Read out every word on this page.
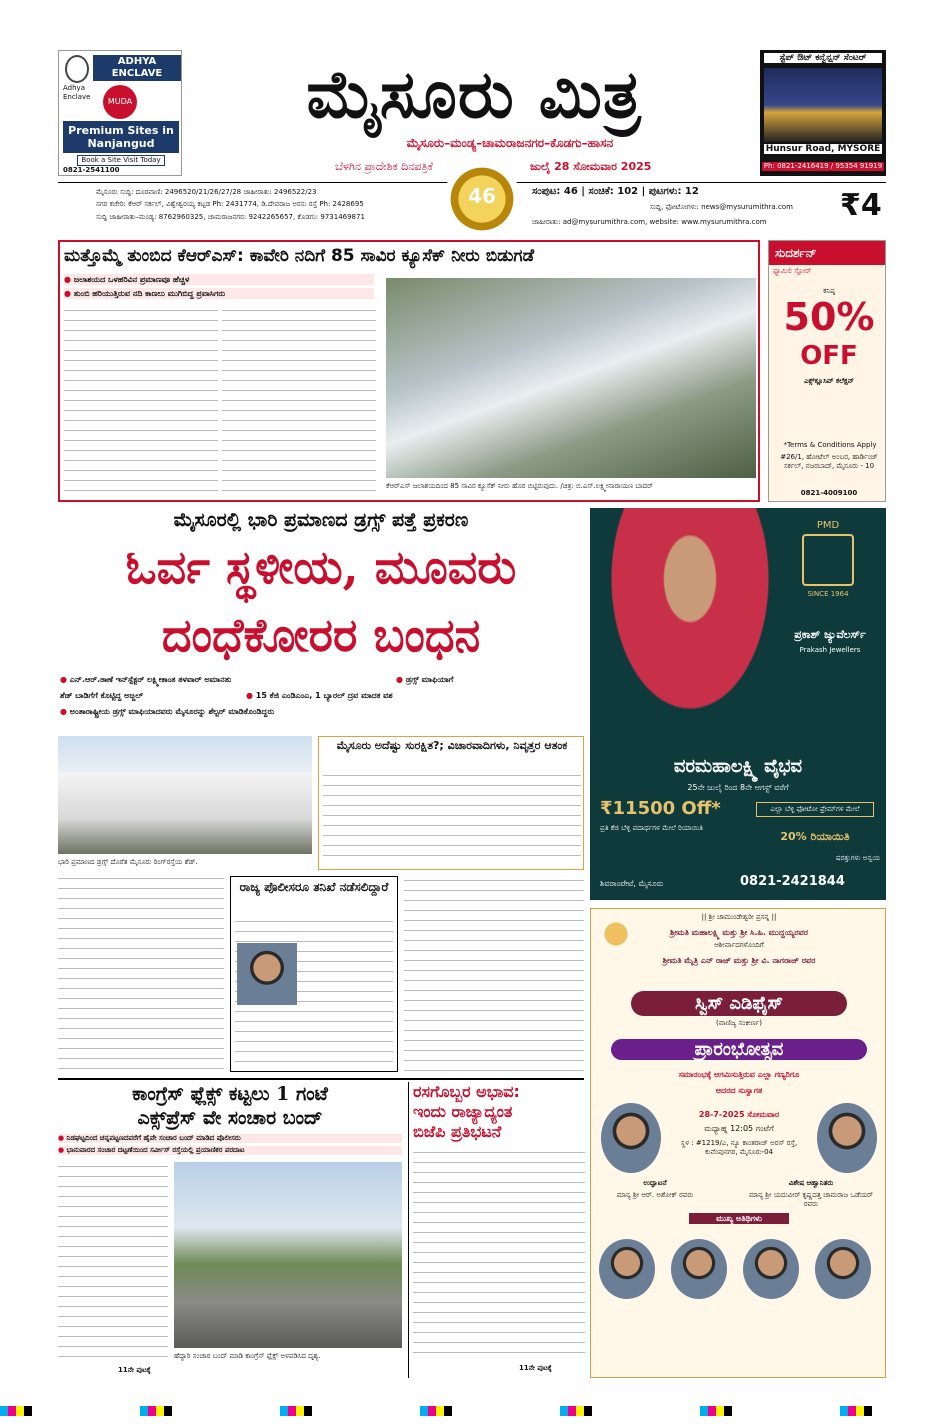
ADHYA ENCLAVE
Adhya Enclave	MUDA
Premium Sites in Nanjangud
Book a Site Visit Today
0821-2541100
ಮೈಸೂರು ಮಿತ್ರ
ಮೈಸೂರು–ಮಂಡ್ಯ–ಚಾಮರಾಜನಗರ–ಕೊಡಗು–ಹಾಸನ
ಬೆಳಗಿನ ಪ್ರಾದೇಶಿಕ ದಿನಪತ್ರಿಕೆ	ಜುಲೈ 28 ಸೋಮವಾರ 2025
ಸ್ಟೆಪ್ ಔಟ್ ಕನ್ವೆನ್ಷನ್ ಸೆಂಟರ್
Hunsur Road, MYSORE
Ph: 0821-2416419 / 95354 91919
ಮೈಸೂರು ಸುದ್ದಿ: ದೂರವಾಣಿ: 2496520/21/26/27/28 ಜಾಹೀರಾತು: 2496522/23
ನಗರ ಕಚೇರಿ: ಕೆಆರ್ ಸರ್ಕಲ್, ವಿಶ್ವೇಶ್ವರಯ್ಯ ಕಟ್ಟಡ Ph: 2431774, ಡಿ.ದೇವರಾಜ ಅರಸು ರಸ್ತೆ Ph: 2428695
ಸುದ್ದಿ ಜಾಹೀರಾತು–ಮಂಡ್ಯ: 8762960325, ಚಾಮರಾಜನಗರ: 9242265657, ಕೊಡಗು: 9731469871
46	ಸಂಪುಟ: 46 | ಸಂಚಿಕೆ: 102 | ಪುಟಗಳು: 12
ಸುದ್ದಿ, ಫೋಟೋಗಳು: news@mysurumithra.com
ಜಾಹೀರಾತು: ad@mysurumithra.com, website: www.mysurumithra.com	₹4
ಮತ್ತೊಮ್ಮೆ ತುಂಬಿದ ಕೆಆರ್‌ಎಸ್: ಕಾವೇರಿ ನದಿಗೆ 85 ಸಾವಿರ ಕ್ಯೂಸೆಕ್ ನೀರು ಬಿಡುಗಡೆ
● ಜಲಾಶಯದ ಒಳಹರಿವಿನ ಪ್ರಮಾಣವೂ ಹೆಚ್ಚಳ
● ತುಂಬಿ ಹರಿಯುತ್ತಿರುವ ನದಿ ಕಾಣಲು ಮುಗಿಬಿದ್ದ ಪ್ರವಾಸಿಗರು
ಕೆಆರ್‌ಎಸ್ ಜಲಾಶಯದಿಂದ 85 ಸಾವಿರ ಕ್ಯೂಸೆಕ್ ನೀರು ಹೊರ ಬಿಟ್ಟಿರುವುದು. /ಚಿತ್ರ: ಬಿ.ಎಸ್.ಲಕ್ಷ್ಮೀನಾರಾಯಣ ಬಾದರ್
ಸುದರ್ಶನ್
ಫ್ಯಾಮಿಲಿ ಸ್ಟೋರ್
ಕನಿಷ್ಠ
50%
OFF
ಎಕ್ಸ್‌ಕ್ಲೂಸಿವ್ ಕಲೆಕ್ಷನ್
*Terms & Conditions Apply
#26/1, ಹೋಟೆಲ್ ಅಂಬರ, ಹಾರ್ಡಿಂಜ್ ಸರ್ಕಲ್, ನಜರಬಾದ್, ಮೈಸೂರು - 10
0821-4009100
ಮೈಸೂರಲ್ಲಿ ಭಾರಿ ಪ್ರಮಾಣದ ಡ್ರಗ್ಸ್ ಪತ್ತೆ ಪ್ರಕರಣ
ಓರ್ವ ಸ್ಥಳೀಯ, ಮೂವರು
ದಂಧೆಕೋರರ ಬಂಧನ
● ಎನ್.ಆರ್.ಠಾಣೆ ಇನ್‌ಸ್ಪೆಕ್ಟರ್ ಲಕ್ಷ್ಮೀಕಾಂತ ತಳವಾರ್ ಅಮಾನತು	● ಡ್ರಗ್ಸ್ ಮಾಫಿಯಾಗೆ
ಶೆಡ್ ಬಾಡಿಗೆಗೆ ಕೊಟ್ಟಿದ್ದ ಅಜ್ಜಲ್	● 15 ಕೆಜಿ ಎಂಡಿಎಂಎ, 1 ಬ್ಯಾರಲ್ ದ್ರವ ಮಾದಕ ವಶ
● ಅಂತಾರಾಷ್ಟ್ರೀಯ ಡ್ರಗ್ಸ್ ಮಾಫಿಯಾದವರು ಮೈಸೂರನ್ನು ಶೆಲ್ಟರ್ ಮಾಡಿಕೊಂಡಿದ್ದರು
ಭಾರಿ ಪ್ರಮಾಣದ ಡ್ರಗ್ಸ್ ದೊರೆತ ಮೈಸೂರು ರಿಂಗ್‌ರಸ್ತೆಯ ಶೆಡ್.
ಮೈಸೂರು ಅದೆಷ್ಟು ಸುರಕ್ಷಿತ?; ವಿಚಾರವಾದಿಗಳು, ನಿವೃತ್ತರ ಆತಂಕ
ರಾಜ್ಯ ಪೊಲೀಸರೂ ತನಿಖೆ ನಡೆಸಲಿದ್ದಾರೆ
PMD
SINCE 1964
ಪ್ರಕಾಶ್ ಜ್ಯುವೆಲರ್ಸ್
Prakash Jewellers
ವರಮಹಾಲಕ್ಷ್ಮಿ ವೈಭವ
25ನೇ ಜುಲೈ ರಿಂದ 8ನೇ ಆಗಸ್ಟ್ ವರೆಗೆ
₹11500 Off*
ಪ್ರತಿ ಕೆಜಿ ಬೆಳ್ಳಿ ಪದಾರ್ಥಗಳ ಮೇಲೆ ರಿಯಾಯಿತಿ
ಎಲ್ಲಾ ಬೆಳ್ಳಿ ಫೋಟೋ ಫ್ರೇಮ್‌ಗಳ ಮೇಲೆ
20% ರಿಯಾಯಿತಿ
ಷರತ್ತುಗಳು ಅನ್ವಯ
ಶಿವರಾಂಪೇಟೆ, ಮೈಸೂರು	0821-2421844
|| ಶ್ರೀ ಚಾಮುಂಡೇಶ್ವರೀ ಪ್ರಸನ್ನ ||
ಶ್ರೀಮತಿ ಮಹಾಲಕ್ಷ್ಮಿ ಮತ್ತು ಶ್ರೀ ಸಿ.ಹಿ. ಮುದ್ದಯ್ಯರವರ
ಆಶೀರ್ವಾದಗಳೊಂದಿಗೆ
ಶ್ರೀಮತಿ ಮೈತ್ರಿ ಎನ್ ರಾಜ್ ಮತ್ತು ಶ್ರೀ ವಿ. ನಾಗರಾಜ್ ರವರ
ಸ್ವಿಸ್ ಎಡಿಫೈಸ್
(ವಾಣಿಜ್ಯ ಸಂಕೀರ್ಣ)
ಪ್ರಾರಂಭೋತ್ಸವ
ಸಮಾರಂಭಕ್ಕೆ ಆಗಮಿಸುತ್ತಿರುವ ಎಲ್ಲಾ ಗಣ್ಯರಿಗೂ
ಆದರದ ಸುಸ್ವಾಗತ
28-7-2025 ಸೋಮವಾರ
ಮಧ್ಯಾಹ್ನ 12:05 ಗಂಟೆಗೆ
ಸ್ಥಳ : #1219/ಎ, ನ್ಯೂ ಕಾಂತರಾಜ್ ಅರಸ್ ರಸ್ತೆ, ಕುವೆಂಪುನಗರ, ಮೈಸೂರು-04
ಉದ್ಘಾಟನೆ
ಮಾನ್ಯ ಶ್ರೀ ಆರ್. ಅಶೋಕ್ ರವರು
ವಿಶೇಷ ಆಹ್ವಾನಿತರು
ಮಾನ್ಯ ಶ್ರೀ ಯದುವೀರ್ ಕೃಷ್ಣದತ್ತ ಚಾಮರಾಜ ಒಡೆಯರ್ ರವರು
ಮುಖ್ಯ ಅತಿಥಿಗಳು
ಕಾಂಗ್ರೆಸ್ ಫ್ಲೆಕ್ಸ್ ಕಟ್ಟಲು 1 ಗಂಟೆ
ಎಕ್ಸ್‌ಪ್ರೆಸ್ ವೇ ಸಂಚಾರ ಬಂದ್
● ನಿಡಘಟ್ಟದಿಂದ ಚನ್ನಪಟ್ಟಣದವರೆಗೆ ಹೈವೇ ಸಂಚಾರ ಬಂದ್ ಮಾಡಿದ ಪೊಲೀಸರು
● ಭಾನುವಾರದ ಸಂಚಾರ ದಟ್ಟಣೆಯಿಂದ ಸರ್ವೀಸ್ ರಸ್ತೆಯಲ್ಲಿ ಪ್ರಯಾಣಿಕರ ಪರದಾಟ
ಹೆದ್ದಾರಿ ಸಂಚಾರ ಬಂದ್ ಮಾಡಿ ಕಾಂಗ್ರೆಸ್ ಫ್ಲೆಕ್ಸ್ ಅಳವಡಿಸಿದ ದೃಶ್ಯ.
11ನೇ ಪುಟಕ್ಕೆ
ರಸಗೊಬ್ಬರ ಅಭಾವ:
ಇಂದು ರಾಜ್ಯಾದ್ಯಂತ
ಬಿಜೆಪಿ ಪ್ರತಿಭಟನೆ
11ನೇ ಪುಟಕ್ಕೆ
